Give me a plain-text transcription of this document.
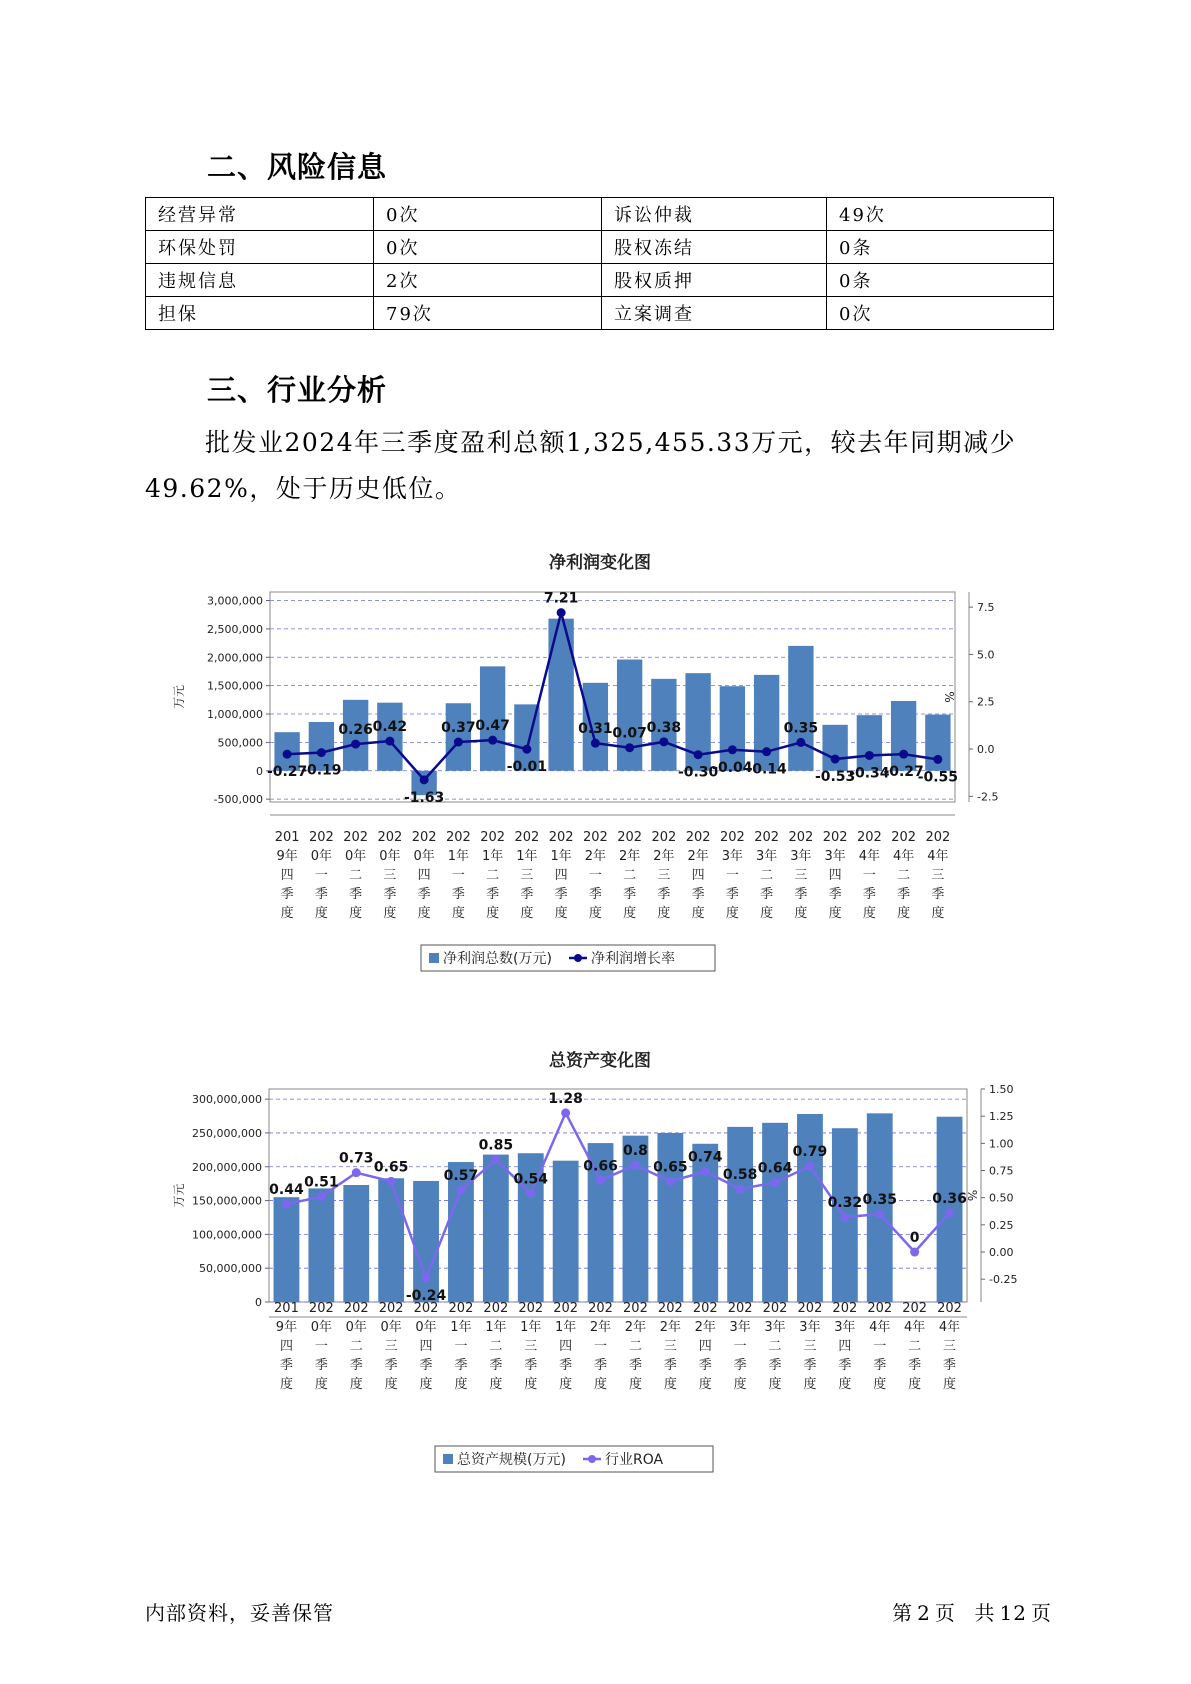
二、风险信息
经营异常	0次	诉讼仲裁	49次
环保处罚	0次	股权冻结	0条
违规信息	2次	股权质押	0条
担保	79次	立案调查	0次
三、行业分析
批发业2024年三季度盈利总额1,325,455.33万元，较去年同期减少
49.62%，处于历史低位。
净利润变化图
-500,000
0
500,000
1,000,000
1,500,000
2,000,000
2,500,000
3,000,000
-2.5
0.0
2.5
5.0
7.5
万元	%
-0.27
-0.19
0.26 0.42
-1.63
0.37 0.47
-0.01
7.21
0.31 0.07 0.38
-0.30
-0.04
-0.14
0.35
-0.53
-0.34
-0.27
-0.55
201
9年
四
季
度
202
0年
一
季
度
202
0年
二
季
度
202
0年
三
季
度
202
0年
四
季
度
202
1年
一
季
度
202
1年
二
季
度
202
1年
三
季
度
202
1年
四
季
度
202
2年
一
季
度
202
2年
二
季
度
202
2年
三
季
度
202
2年
四
季
度
202
3年
一
季
度
202
3年
二
季
度
202
3年
三
季
度
202
3年
四
季
度
202
4年
一
季
度
202
4年
二
季
度
202
4年
三
季
度
净利润总数(万元)	净利润增长率
总资产变化图
0
50,000,000
100,000,000
150,000,000
200,000,000
250,000,000
300,000,000
-0.25
0.00
0.25
0.50
0.75
1.00
1.25
1.50
万元	%
0.44 0.51
0.73
0.65
-0.24
0.57
0.85
0.54
1.28
0.66
0.8
0.65
0.74
0.58 0.64
0.79
0.32 0.35
0
0.36
201
9年
四
季
度
202
0年
一
季
度
202
0年
二
季
度
202
0年
三
季
度
202
0年
四
季
度
202
1年
一
季
度
202
1年
二
季
度
202
1年
三
季
度
202
1年
四
季
度
202
2年
一
季
度
202
2年
二
季
度
202
2年
三
季
度
202
2年
四
季
度
202
3年
一
季
度
202
3年
二
季
度
202
3年
三
季
度
202
3年
四
季
度
202
4年
一
季
度
202
4年
二
季
度
202
4年
三
季
度
总资产规模(万元)	行业ROA
内部资料，妥善保管	第 2 页 共 12 页
